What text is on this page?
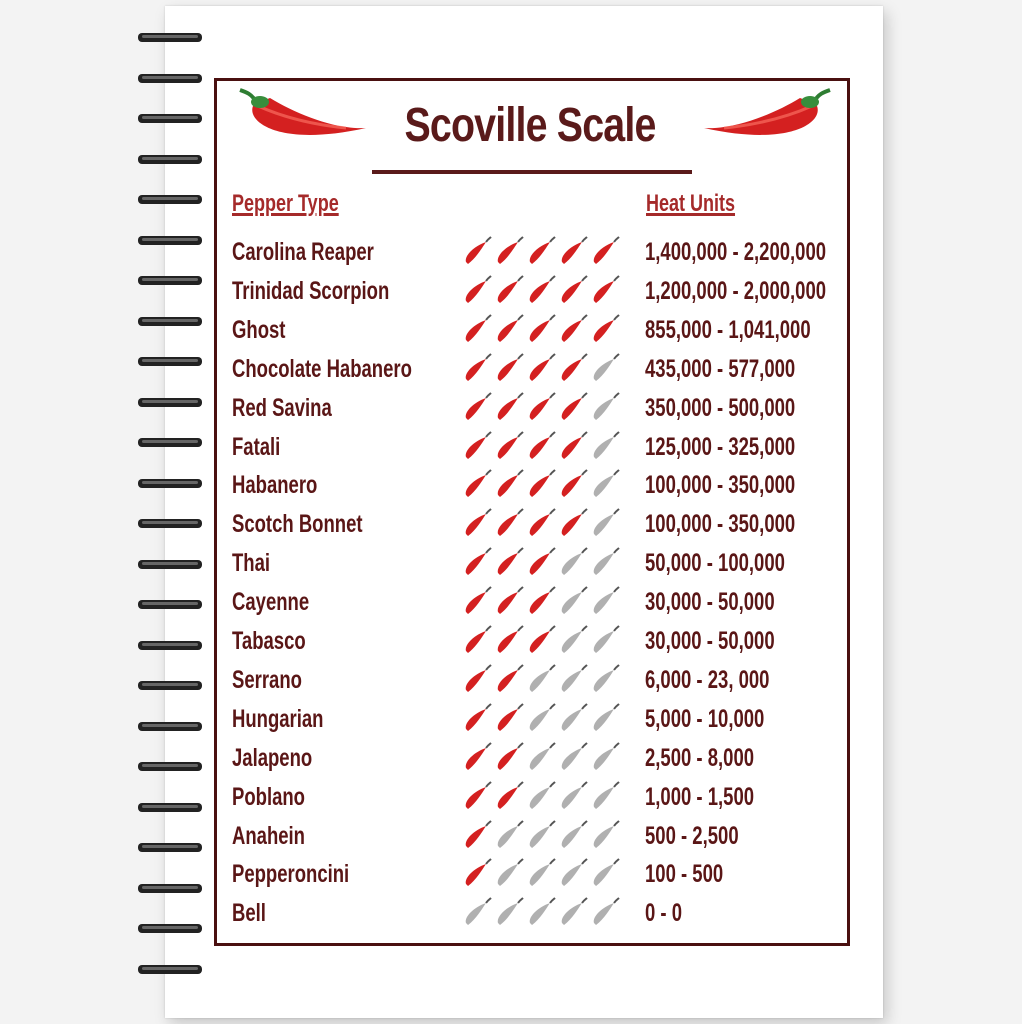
Scoville Scale
Pepper Type	Heat Units
Carolina Reaper	1,400,000 - 2,200,000
Trinidad Scorpion	1,200,000 - 2,000,000
Ghost	855,000 - 1,041,000
Chocolate Habanero	435,000 - 577,000
Red Savina	350,000 - 500,000
Fatali	125,000 - 325,000
Habanero	100,000 - 350,000
Scotch Bonnet	100,000 - 350,000
Thai	50,000 - 100,000
Cayenne	30,000 - 50,000
Tabasco	30,000 - 50,000
Serrano	6,000 - 23, 000
Hungarian	5,000 - 10,000
Jalapeno	2,500 - 8,000
Poblano	1,000 - 1,500
Anahein	500 - 2,500
Pepperoncini	100 - 500
Bell	0 - 0
